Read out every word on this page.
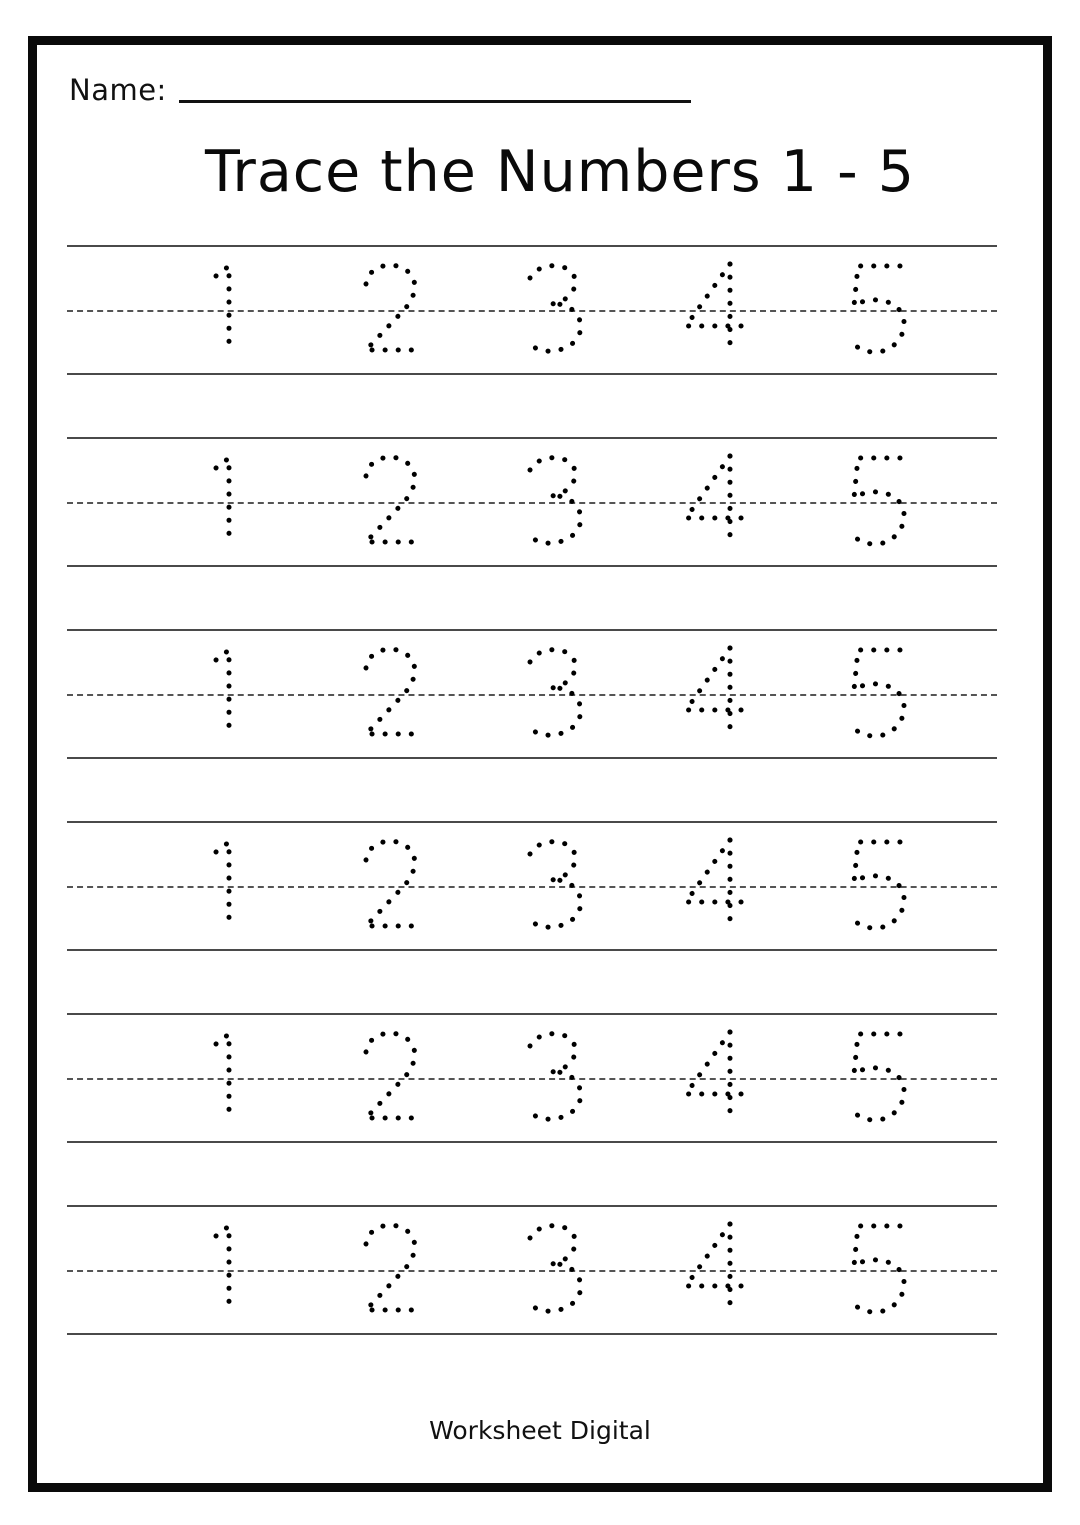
Name:
Trace the Numbers 1 - 5
Worksheet Digital
